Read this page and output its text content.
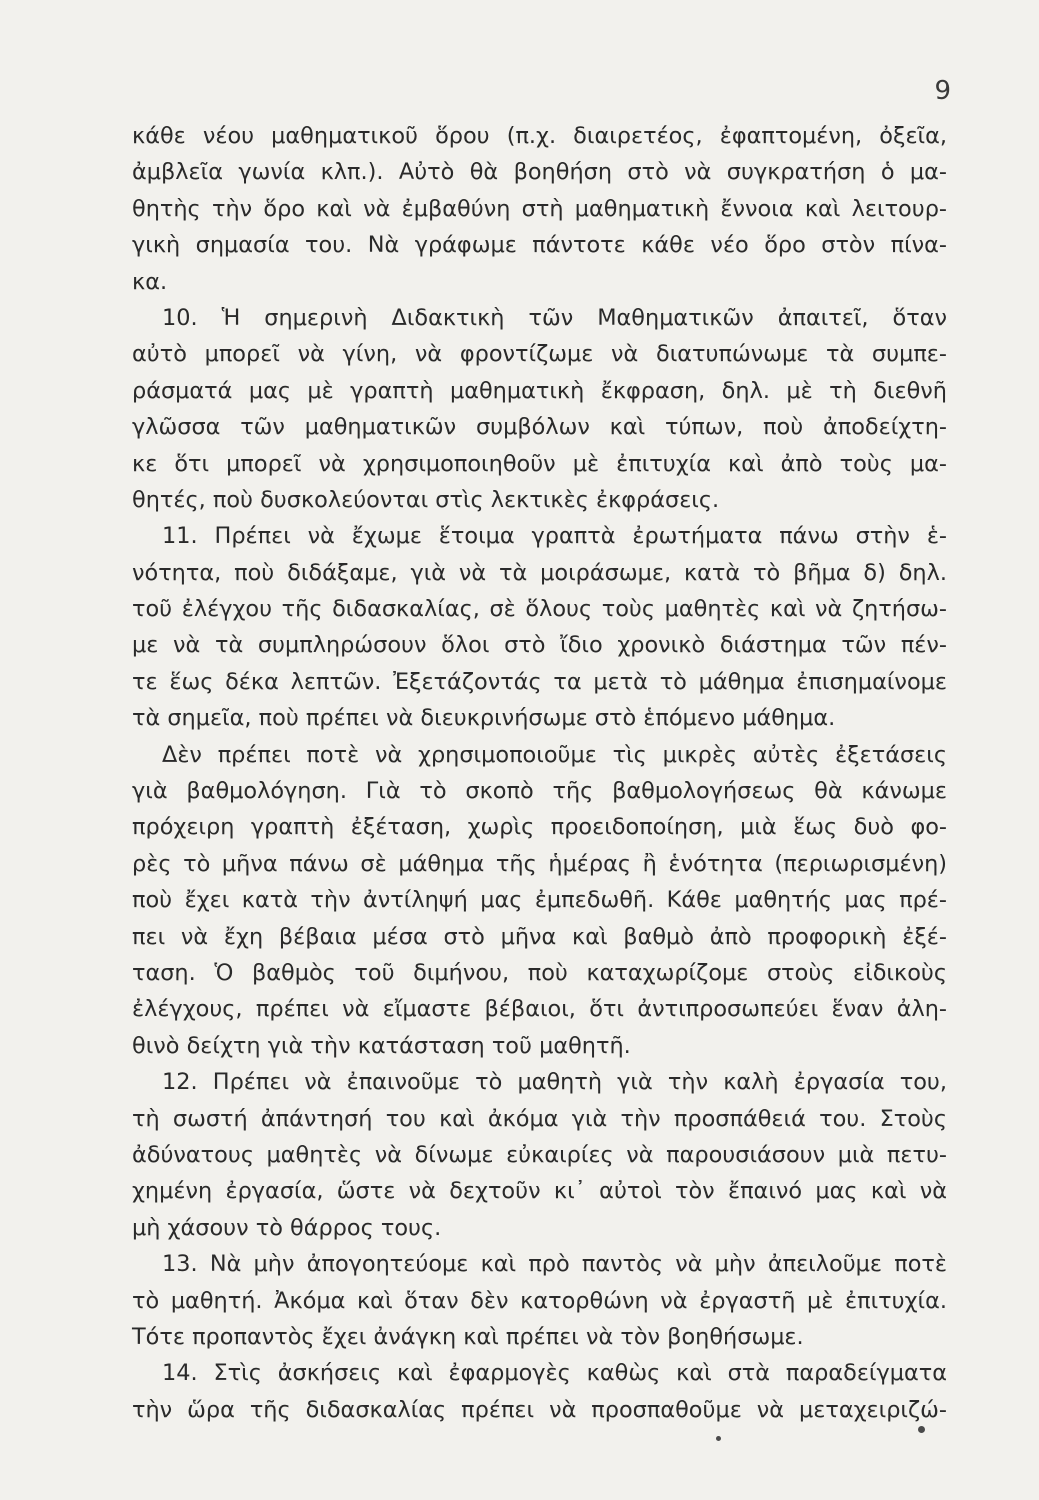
9
κάθε νέου μαθηματικοῦ ὅρου (π.χ. διαιρετέος, ἐφαπτομένη, ὀξεῖα,
ἀμβλεῖα γωνία κλπ.). Αὐτὸ θὰ βοηθήση στὸ νὰ συγκρατήση ὁ μα-
θητὴς τὴν ὅρο καὶ νὰ ἐμβαθύνη στὴ μαθηματικὴ ἔννοια καὶ λειτουρ-
γικὴ σημασία του. Νὰ γράφωμε πάντοτε κάθε νέο ὅρο στὸν πίνα-
κα.
10. Ἡ σημερινὴ Διδακτικὴ τῶν Μαθηματικῶν ἀπαιτεῖ, ὅταν
αὐτὸ μπορεῖ νὰ γίνη, νὰ φροντίζωμε νὰ διατυπώνωμε τὰ συμπε-
ράσματά μας μὲ γραπτὴ μαθηματικὴ ἔκφραση, δηλ. μὲ τὴ διεθνῆ
γλῶσσα τῶν μαθηματικῶν συμβόλων καὶ τύπων, ποὺ ἀποδείχτη-
κε ὅτι μπορεῖ νὰ χρησιμοποιηθοῦν μὲ ἐπιτυχία καὶ ἀπὸ τοὺς μα-
θητές, ποὺ δυσκολεύονται στὶς λεκτικὲς ἐκφράσεις.
11. Πρέπει νὰ ἔχωμε ἕτοιμα γραπτὰ ἐρωτήματα πάνω στὴν ἑ-
νότητα, ποὺ διδάξαμε, γιὰ νὰ τὰ μοιράσωμε, κατὰ τὸ βῆμα δ) δηλ.
τοῦ ἐλέγχου τῆς διδασκαλίας, σὲ ὅλους τοὺς μαθητὲς καὶ νὰ ζητήσω-
με νὰ τὰ συμπληρώσουν ὅλοι στὸ ἴδιο χρονικὸ διάστημα τῶν πέν-
τε ἕως δέκα λεπτῶν. Ἐξετάζοντάς τα μετὰ τὸ μάθημα ἐπισημαίνομε
τὰ σημεῖα, ποὺ πρέπει νὰ διευκρινήσωμε στὸ ἑπόμενο μάθημα.
Δὲν πρέπει ποτὲ νὰ χρησιμοποιοῦμε τὶς μικρὲς αὐτὲς ἐξετάσεις
γιὰ βαθμολόγηση. Γιὰ τὸ σκοπὸ τῆς βαθμολογήσεως θὰ κάνωμε
πρόχειρη γραπτὴ ἐξέταση, χωρὶς προειδοποίηση, μιὰ ἕως δυὸ φο-
ρὲς τὸ μῆνα πάνω σὲ μάθημα τῆς ἡμέρας ἢ ἑνότητα (περιωρισμένη)
ποὺ ἔχει κατὰ τὴν ἀντίληψή μας ἐμπεδωθῆ. Κάθε μαθητής μας πρέ-
πει νὰ ἔχη βέβαια μέσα στὸ μῆνα καὶ βαθμὸ ἀπὸ προφορικὴ ἐξέ-
ταση. Ὁ βαθμὸς τοῦ διμήνου, ποὺ καταχωρίζομε στοὺς εἰδικοὺς
ἐλέγχους, πρέπει νὰ εἴμαστε βέβαιοι, ὅτι ἀντιπροσωπεύει ἕναν ἀλη-
θινὸ δείχτη γιὰ τὴν κατάσταση τοῦ μαθητῆ.
12. Πρέπει νὰ ἐπαινοῦμε τὸ μαθητὴ γιὰ τὴν καλὴ ἐργασία του,
τὴ σωστή ἀπάντησή του καὶ ἀκόμα γιὰ τὴν προσπάθειά του. Στοὺς
ἀδύνατους μαθητὲς νὰ δίνωμε εὐκαιρίες νὰ παρουσιάσουν μιὰ πετυ-
χημένη ἐργασία, ὥστε νὰ δεχτοῦν κι᾿ αὐτοὶ τὸν ἔπαινό μας καὶ νὰ
μὴ χάσουν τὸ θάρρος τους.
13. Νὰ μὴν ἀπογοητεύομε καὶ πρὸ παντὸς νὰ μὴν ἀπειλοῦμε ποτὲ
τὸ μαθητή. Ἀκόμα καὶ ὅταν δὲν κατορθώνη νὰ ἐργαστῆ μὲ ἐπιτυχία.
Τότε προπαντὸς ἔχει ἀνάγκη καὶ πρέπει νὰ τὸν βοηθήσωμε.
14. Στὶς ἀσκήσεις καὶ ἐφαρμογὲς καθὼς καὶ στὰ παραδείγματα
τὴν ὥρα τῆς διδασκαλίας πρέπει νὰ προσπαθοῦμε νὰ μεταχειριζώ-
